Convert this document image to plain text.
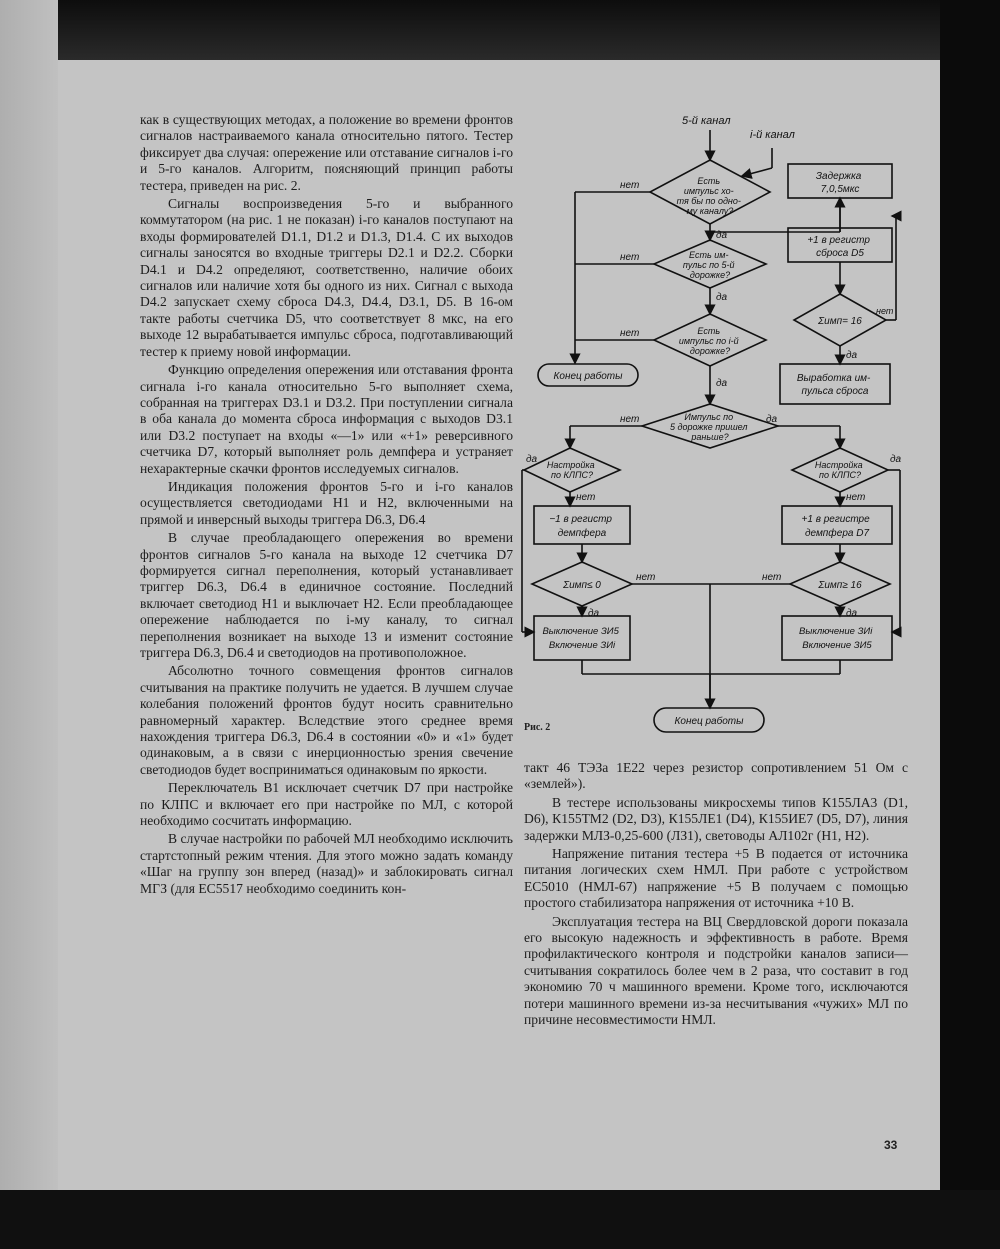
как в существующих методах, а положение во времени фронтов сигналов настраиваемого канала относительно пятого. Тестер фиксирует два случая: опережение или отставание сигналов i-го и 5-го каналов. Алгоритм, поясняющий принцип работы тестера, приведен на рис. 2.

Сигналы воспроизведения 5-го и выбранного коммутатором (на рис. 1 не показан) i-го каналов поступают на входы формирователей D1.1, D1.2 и D1.3, D1.4. С их выходов сигналы заносятся во входные триггеры D2.1 и D2.2. Сборки D4.1 и D4.2 определяют, соответственно, наличие обоих сигналов или наличие хотя бы одного из них. Сигнал с выхода D4.2 запускает схему сброса D4.3, D4.4, D3.1, D5. В 16-ом такте работы счетчика D5, что соответствует 8 мкс, на его выходе 12 вырабатывается импульс сброса, подготавливающий тестер к приему новой информации.

Функцию определения опережения или отставания фронта сигнала i-го канала относительно 5-го выполняет схема, собранная на триггерах D3.1 и D3.2. При поступлении сигнала в оба канала до момента сброса информация с выходов D3.1 или D3.2 поступает на входы «—1» или «+1» реверсивного счетчика D7, который выполняет роль демпфера и устраняет нехарактерные скачки фронтов исследуемых сигналов.

Индикация положения фронтов 5-го и i-го каналов осуществляется светодиодами H1 и H2, включенными на прямой и инверсный выходы триггера D6.3, D6.4

В случае преобладающего опережения во времени фронтов сигналов 5-го канала на выходе 12 счетчика D7 формируется сигнал переполнения, который устанавливает триггер D6.3, D6.4 в единичное состояние. Последний включает светодиод H1 и выключает H2. Если преобладающее опережение наблюдается по i-му каналу, то сигнал переполнения возникает на выходе 13 и изменит состояние триггера D6.3, D6.4 и светодиодов на противоположное.

Абсолютно точного совмещения фронтов сигналов считывания на практике получить не удается. В лучшем случае колебания положений фронтов будут носить сравнительно равномерный характер. Вследствие этого среднее время нахождения триггера D6.3, D6.4 в состоянии «0» и «1» будет одинаковым, а в связи с инерционностью зрения свечение светодиодов будет восприниматься одинаковым по яркости.

Переключатель B1 исключает счетчик D7 при настройке по КЛПС и включает его при настройке по МЛ, с которой необходимо сосчитать информацию.

В случае настройки по рабочей МЛ необходимо исключить стартстопный режим чтения. Для этого можно задать команду «Шаг на группу зон вперед (назад)» и заблокировать сигнал МГЗ (для ЕС5517 необходимо соединить кон-

5-й канал
i-й канал
Есть импульс хо- тя бы по одно- му каналу?
нет
да
Задержка 7,0,5мкс
+1 в регистр сброса D5
Есть им- пульс по 5-й дорожке?
нет
да
Σимп= 16
нет
да
Есть импульс по i-й дорожке?
нет
да
Конец работы	Выработка им- пульса сброса
Импульс по 5 дорожке пришел раньше?
нет	да
Настройка по КЛПС?
да
нет
Настройка по КЛПС?
да
нет
−1 в регистр демпфера
+1 в регистре демпфера D7
Σимп≤ 0
нет
да
Σимп≥ 16
нет
да
Выключение ЗИ5 Включение ЗИi
Выключение ЗИi Включение ЗИ5
Конец работы
Рис. 2

такт 46 ТЭЗа 1E22 через резистор сопротивлением 51 Ом с «землей»).

В тестере использованы микросхемы типов К155ЛА3 (D1, D6), К155ТМ2 (D2, D3), К155ЛЕ1 (D4), К155ИЕ7 (D5, D7), линия задержки МЛЗ-0,25-600 (ЛЗ1), световоды АЛ102г (H1, H2).

Напряжение питания тестера +5 В подается от источника питания логических схем НМЛ. При работе с устройством ЕС5010 (НМЛ-67) напряжение +5 В получаем с помощью простого стабилизатора напряжения от источника +10 В.

Эксплуатация тестера на ВЦ Свердловской дороги показала его высокую надежность и эффективность в работе. Время профилактического контроля и подстройки каналов записи—считывания сократилось более чем в 2 раза, что составит в год экономию 70 ч машинного времени. Кроме того, исключаются потери машинного времени из-за несчитывания «чужих» МЛ по причине несовместимости НМЛ.

33
